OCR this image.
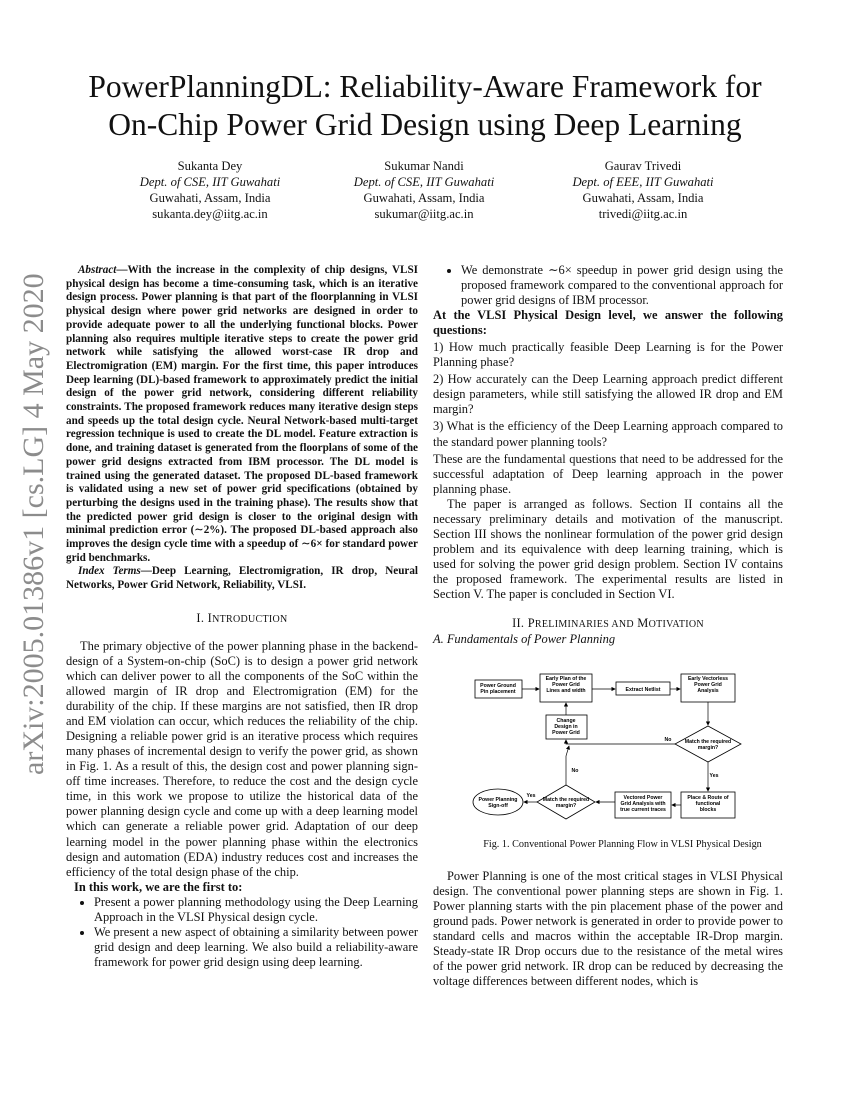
PowerPlanningDL: Reliability-Aware Framework for
On-Chip Power Grid Design using Deep Learning
Sukanta Dey
Dept. of CSE, IIT Guwahati
Guwahati, Assam, India
sukanta.dey@iitg.ac.in
Sukumar Nandi
Dept. of CSE, IIT Guwahati
Guwahati, Assam, India
sukumar@iitg.ac.in
Gaurav Trivedi
Dept. of EEE, IIT Guwahati
Guwahati, Assam, India
trivedi@iitg.ac.in
arXiv:2005.01386v1 [cs.LG] 4 May 2020

Abstract—With the increase in the complexity of chip designs, VLSI physical design has become a time-consuming task, which is an iterative design process. Power planning is that part of the floorplanning in VLSI physical design where power grid networks are designed in order to provide adequate power to all the underlying functional blocks. Power planning also requires multiple iterative steps to create the power grid network while satisfying the allowed worst-case IR drop and Electromigration (EM) margin. For the first time, this paper introduces Deep learning (DL)-based framework to approximately predict the initial design of the power grid network, considering different reliability constraints. The proposed framework reduces many iterative design steps and speeds up the total design cycle. Neural Network-based multi-target regression technique is used to create the DL model. Feature extraction is done, and training dataset is generated from the floorplans of some of the power grid designs extracted from IBM processor. The DL model is trained using the generated dataset. The proposed DL-based framework is validated using a new set of power grid specifications (obtained by perturbing the designs used in the training phase). The results show that the predicted power grid design is closer to the original design with minimal prediction error (∼2%). The proposed DL-based approach also improves the design cycle time with a speedup of ∼6× for standard power grid benchmarks.

Index Terms—Deep Learning, Electromigration, IR drop, Neural Networks, Power Grid Network, Reliability, VLSI.

I. INTRODUCTION

The primary objective of the power planning phase in the backend-design of a System-on-chip (SoC) is to design a power grid network which can deliver power to all the components of the SoC within the allowed margin of IR drop and Electromigration (EM) for the durability of the chip. If these margins are not satisfied, then IR drop and EM violation can occur, which reduces the reliability of the chip. Designing a reliable power grid is an iterative process which requires many phases of incremental design to verify the power grid, as shown in Fig. 1. As a result of this, the design cost and power planning sign-off time increases. Therefore, to reduce the cost and the design cycle time, in this work we propose to utilize the historical data of the power planning design cycle and come up with a deep learning model which can generate a reliable power grid. Adaptation of our deep learning model in the power planning phase within the electronics design and automation (EDA) industry reduces cost and increases the efficiency of the total design phase of the chip.

In this work, we are the first to:

• Present a power planning methodology using the Deep Learning Approach in the VLSI Physical design cycle.
• We present a new aspect of obtaining a similarity between power grid design and deep learning. We also build a reliability-aware framework for power grid design using deep learning.
• We demonstrate ∼6× speedup in power grid design using the proposed framework compared to the conventional approach for power grid designs of IBM processor.

At the VLSI Physical Design level, we answer the following questions:

1) How much practically feasible Deep Learning is for the Power Planning phase?

2) How accurately can the Deep Learning approach predict different design parameters, while still satisfying the allowed IR drop and EM margin?

3) What is the efficiency of the Deep Learning approach compared to the standard power planning tools?

These are the fundamental questions that need to be addressed for the successful adaptation of Deep learning approach in the power planning phase.

The paper is arranged as follows. Section II contains all the necessary preliminary details and motivation of the manuscript. Section III shows the nonlinear formulation of the power grid design problem and its equivalence with deep learning training, which is used for solving the power grid design problem. Section IV contains the proposed framework. The experimental results are listed in Section V. The paper is concluded in Section VI.

II. PRELIMINARIES AND MOTIVATION

A. Fundamentals of Power Planning

Power Ground Pin placement
Early Plan of the Power Grid Lines and width	Extract Netlist
Early Vectorless Power Grid Analysis
Change Design in Power Grid
Match the required margin?
No
Yes
No
Place & Route of functional blocks
Vectored Power Grid Analysis with true current traces
Match the required margin?
Yes
Power Planning Sign-off
Fig. 1. Conventional Power Planning Flow in VLSI Physical Design

Power Planning is one of the most critical stages in VLSI Physical design. The conventional power planning steps are shown in Fig. 1. Power planning starts with the pin placement phase of the power and ground pads. Power network is generated in order to provide power to standard cells and macros within the acceptable IR-Drop margin. Steady-state IR Drop occurs due to the resistance of the metal wires of the power grid network. IR drop can be reduced by decreasing the voltage differences between different nodes, which is
